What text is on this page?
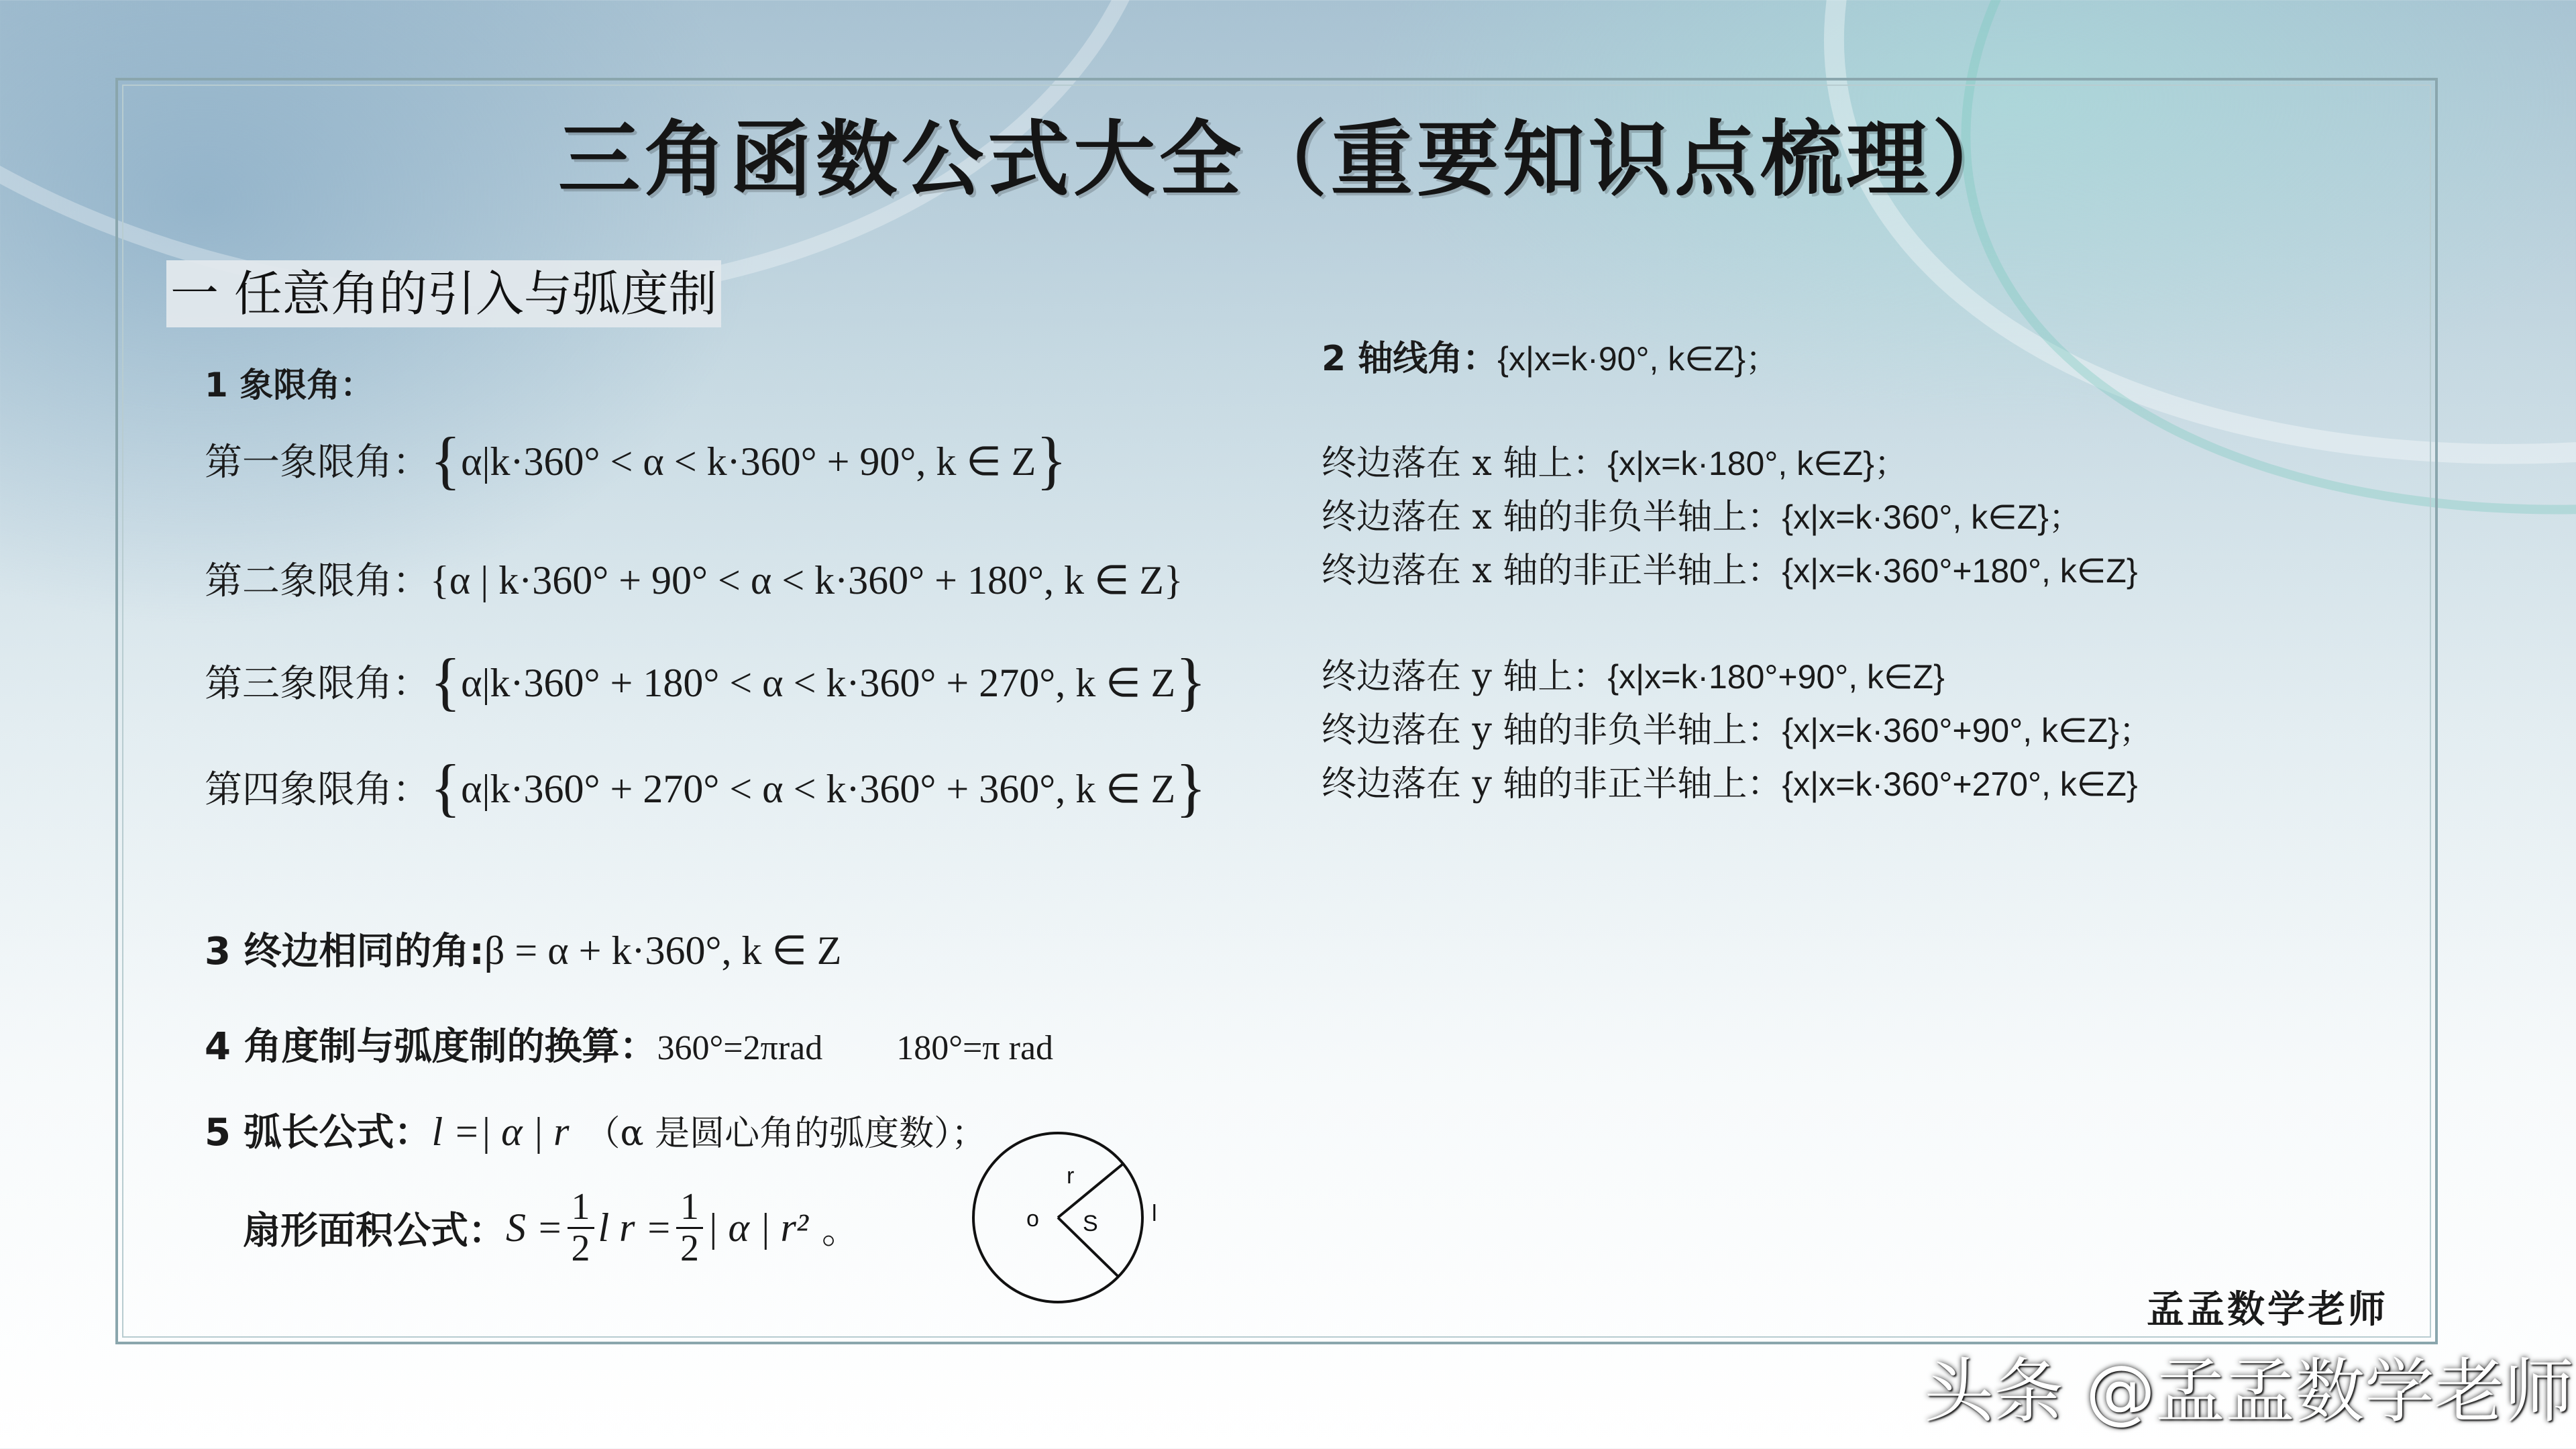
三角函数公式大全（重要知识点梳理）
一 任意角的引入与弧度制
1 象限角：
第一象限角：{α|k·360° < α < k·360° + 90°, k ∈ Z}
第二象限角：{α | k·360° + 90° < α < k·360° + 180°, k ∈ Z}
第三象限角：{α|k·360° + 180° < α < k·360° + 270°, k ∈ Z}
第四象限角：{α|k·360° + 270° < α < k·360° + 360°, k ∈ Z}
2 轴线角：{x|x=k·90°, k∈Z}；
终边落在 x 轴上：{x|x=k·180°, k∈Z}；
终边落在 x 轴的非负半轴上：{x|x=k·360°, k∈Z}；
终边落在 x 轴的非正半轴上：{x|x=k·360°+180°, k∈Z}
终边落在 y 轴上：{x|x=k·180°+90°, k∈Z}
终边落在 y 轴的非负半轴上：{x|x=k·360°+90°, k∈Z}；
终边落在 y 轴的非正半轴上：{x|x=k·360°+270°, k∈Z}
3 终边相同的角:β = α + k·360°, k ∈ Z
4 角度制与弧度制的换算：360°=2πrad 180°=π rad
5 弧长公式：l =| α | r （α 是圆心角的弧度数）；
扇形面积公式：$S = \frac{1}{2}$ l $r = \frac{1}{2}$ | α | r² 。
r
o S l
孟孟数学老师
头条 @孟孟数学老师
